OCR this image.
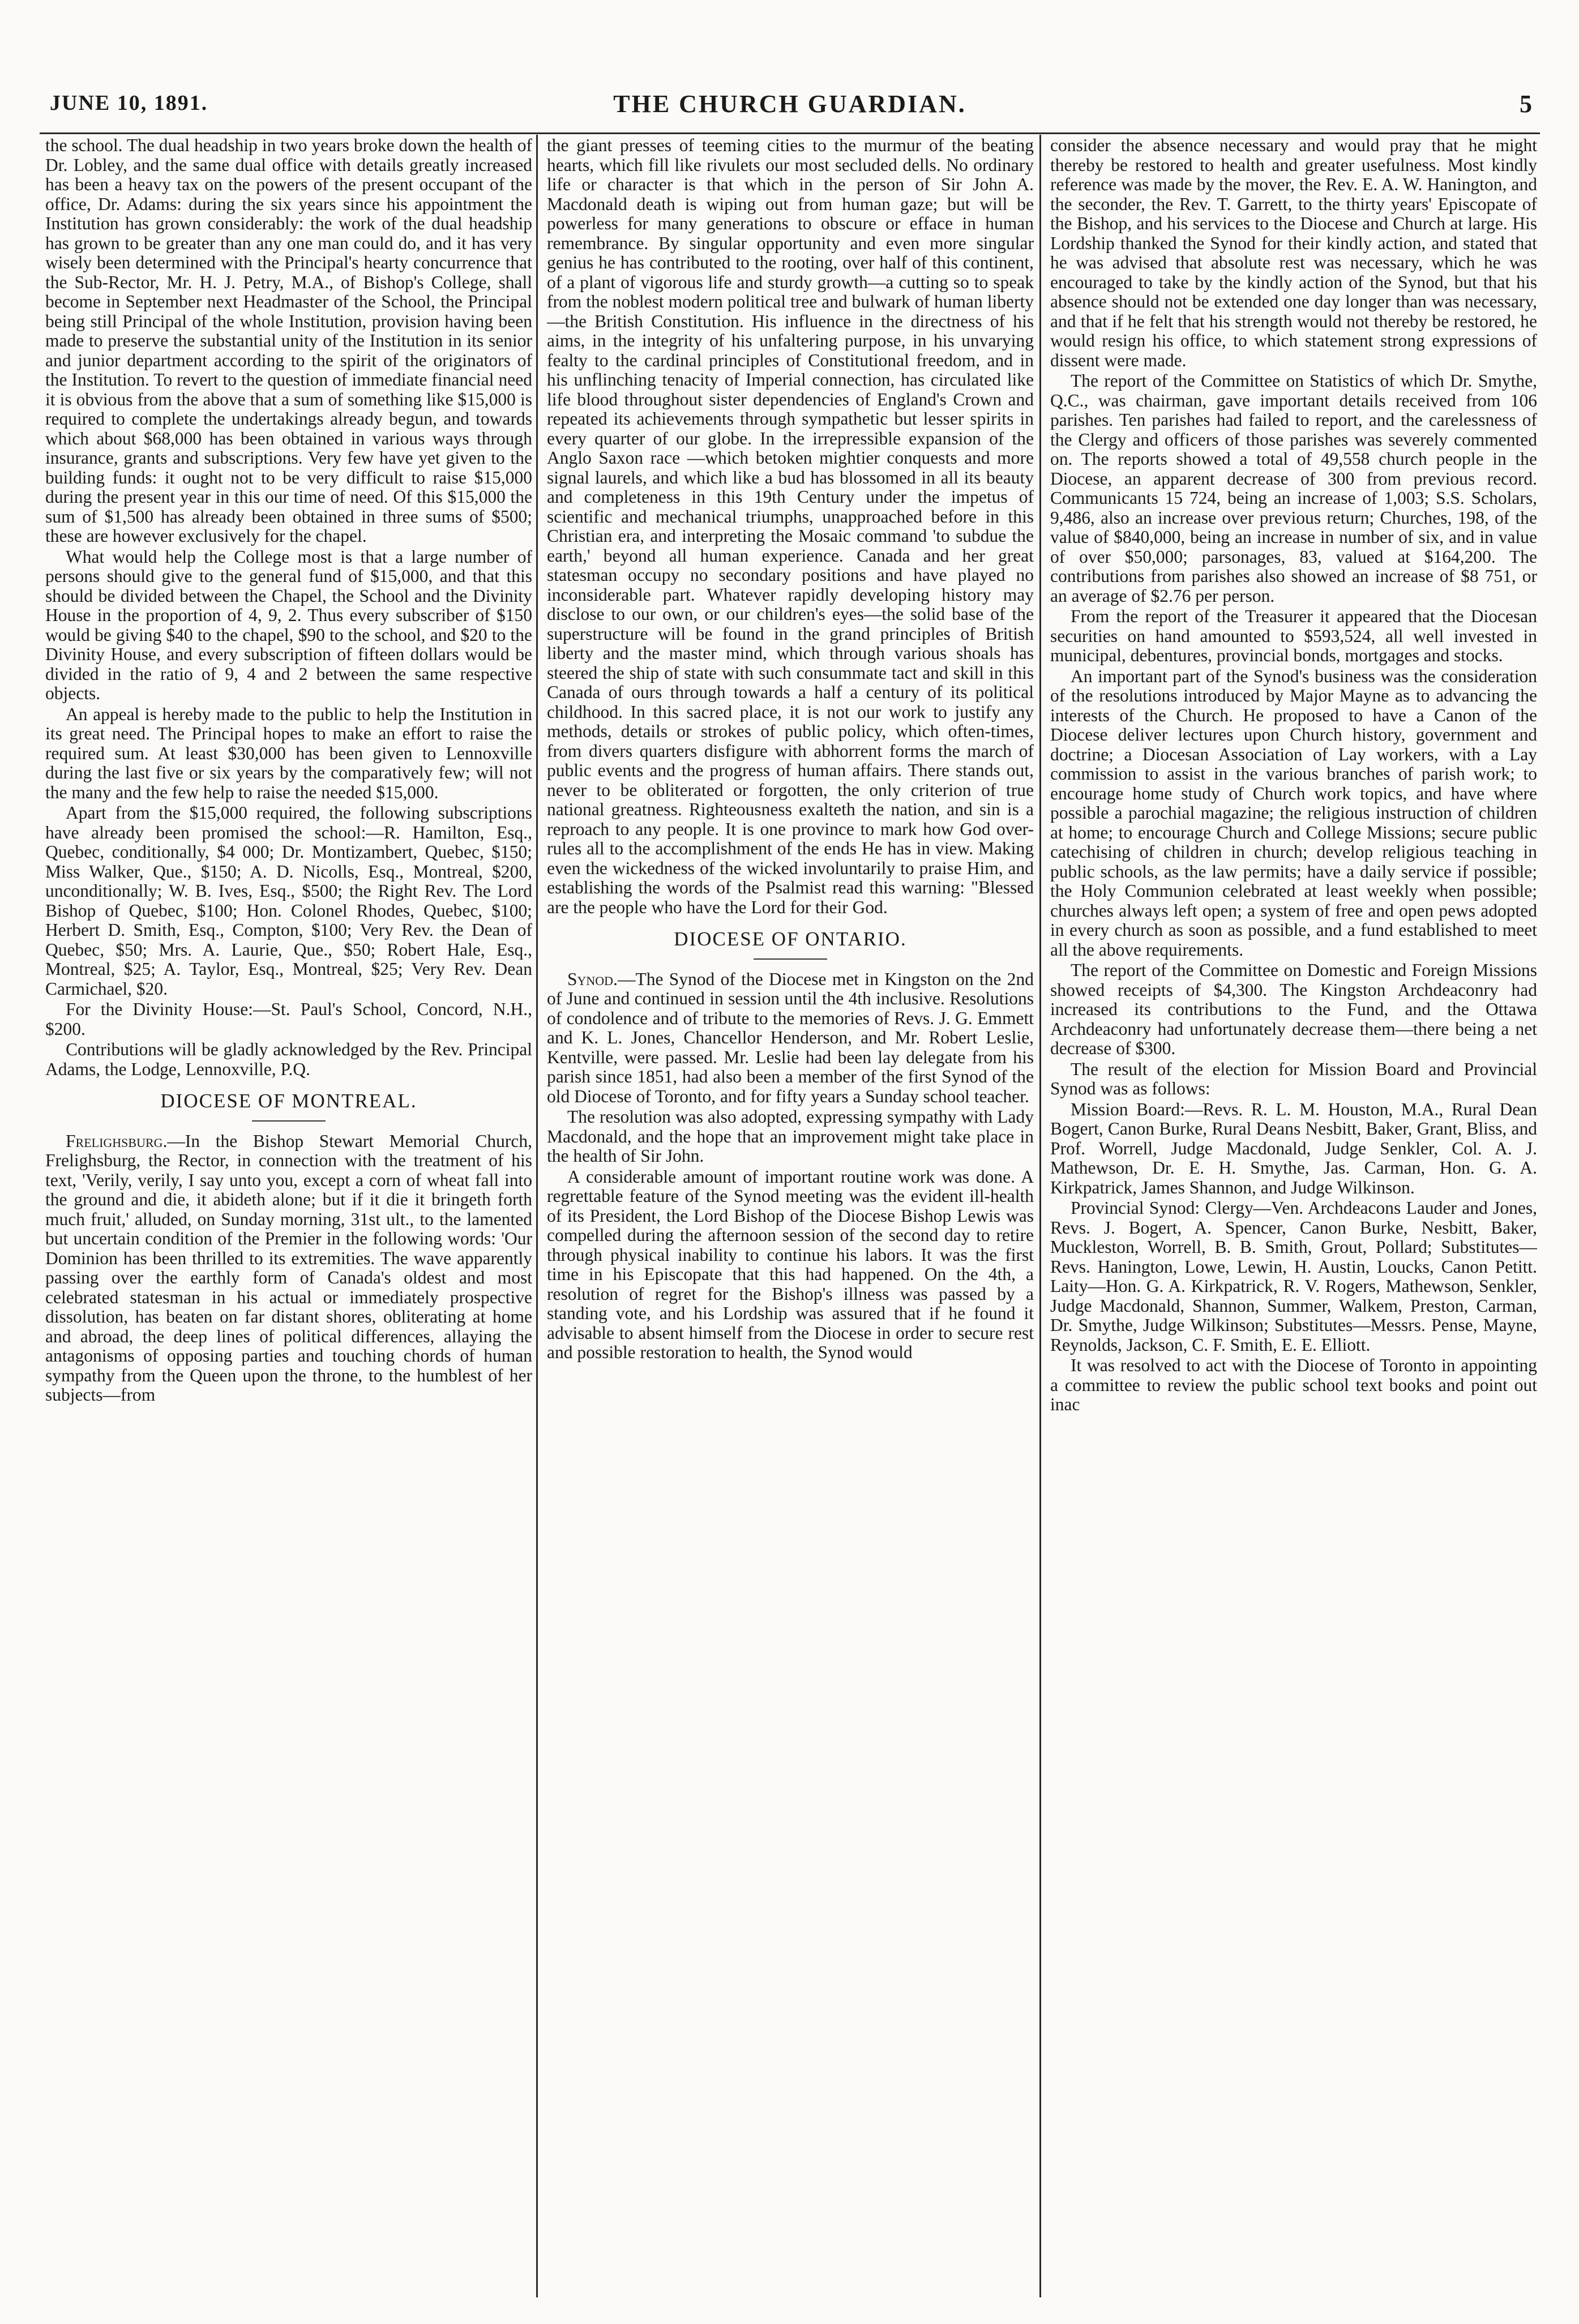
JUNE 10, 1891.	THE CHURCH GUARDIAN.	5

the school. The dual headship in two years broke down the health of Dr. Lobley, and the same dual office with details greatly increased has been a heavy tax on the powers of the present occupant of the office, Dr. Adams: during the six years since his appointment the Institution has grown considerably: the work of the dual headship has grown to be greater than any one man could do, and it has very wisely been determined with the Principal's hearty concurrence that the Sub-Rector, Mr. H. J. Petry, M.A., of Bishop's College, shall become in September next Headmaster of the School, the Principal being still Principal of the whole Institution, provision having been made to preserve the substantial unity of the Institution in its senior and junior department according to the spirit of the originators of the Institution. To revert to the question of immediate financial need it is obvious from the above that a sum of something like $15,000 is required to complete the undertakings already begun, and towards which about $68,000 has been obtained in various ways through insurance, grants and subscriptions. Very few have yet given to the building funds: it ought not to be very difficult to raise $15,000 during the present year in this our time of need. Of this $15,000 the sum of $1,500 has already been obtained in three sums of $500; these are however exclusively for the chapel.

What would help the College most is that a large number of persons should give to the general fund of $15,000, and that this should be divided between the Chapel, the School and the Divinity House in the proportion of 4, 9, 2. Thus every subscriber of $150 would be giving $40 to the chapel, $90 to the school, and $20 to the Divinity House, and every subscription of fifteen dollars would be divided in the ratio of 9, 4 and 2 between the same respective objects.

An appeal is hereby made to the public to help the Institution in its great need. The Principal hopes to make an effort to raise the required sum. At least $30,000 has been given to Lennoxville during the last five or six years by the comparatively few; will not the many and the few help to raise the needed $15,000.

Apart from the $15,000 required, the following subscriptions have already been promised the school:—R. Hamilton, Esq., Quebec, conditionally, $4 000; Dr. Montizambert, Quebec, $150; Miss Walker, Que., $150; A. D. Nicolls, Esq., Montreal, $200, unconditionally; W. B. Ives, Esq., $500; the Right Rev. The Lord Bishop of Quebec, $100; Hon. Colonel Rhodes, Quebec, $100; Herbert D. Smith, Esq., Compton, $100; Very Rev. the Dean of Quebec, $50; Mrs. A. Laurie, Que., $50; Robert Hale, Esq., Montreal, $25; A. Taylor, Esq., Montreal, $25; Very Rev. Dean Carmichael, $20.

For the Divinity House:—St. Paul's School, Concord, N.H., $200.

Contributions will be gladly acknowledged by the Rev. Principal Adams, the Lodge, Lennoxville, P.Q.

DIOCESE OF MONTREAL.

Frelighsburg.—In the Bishop Stewart Memorial Church, Frelighsburg, the Rector, in connection with the treatment of his text, 'Verily, verily, I say unto you, except a corn of wheat fall into the ground and die, it abideth alone; but if it die it bringeth forth much fruit,' alluded, on Sunday morning, 31st ult., to the lamented but uncertain condition of the Premier in the following words: 'Our Dominion has been thrilled to its extremities. The wave apparently passing over the earthly form of Canada's oldest and most celebrated statesman in his actual or immediately prospective dissolution, has beaten on far distant shores, obliterating at home and abroad, the deep lines of political differences, allaying the antagonisms of opposing parties and touching chords of human sympathy from the Queen upon the throne, to the humblest of her subjects—from

the giant presses of teeming cities to the murmur of the beating hearts, which fill like rivulets our most secluded dells. No ordinary life or character is that which in the person of Sir John A. Macdonald death is wiping out from human gaze; but will be powerless for many generations to obscure or efface in human remembrance. By singular opportunity and even more singular genius he has contributed to the rooting, over half of this continent, of a plant of vigorous life and sturdy growth—a cutting so to speak from the noblest modern political tree and bulwark of human liberty—the British Constitution. His influence in the directness of his aims, in the integrity of his unfaltering purpose, in his unvarying fealty to the cardinal principles of Constitutional freedom, and in his unflinching tenacity of Imperial connection, has circulated like life blood throughout sister dependencies of England's Crown and repeated its achievements through sympathetic but lesser spirits in every quarter of our globe. In the irrepressible expansion of the Anglo Saxon race —which betoken mightier conquests and more signal laurels, and which like a bud has blossomed in all its beauty and completeness in this 19th Century under the impetus of scientific and mechanical triumphs, unapproached before in this Christian era, and interpreting the Mosaic command 'to subdue the earth,' beyond all human experience. Canada and her great statesman occupy no secondary positions and have played no inconsiderable part. Whatever rapidly developing history may disclose to our own, or our children's eyes—the solid base of the superstructure will be found in the grand principles of British liberty and the master mind, which through various shoals has steered the ship of state with such consummate tact and skill in this Canada of ours through towards a half a century of its political childhood. In this sacred place, it is not our work to justify any methods, details or strokes of public policy, which often-times, from divers quarters disfigure with abhorrent forms the march of public events and the progress of human affairs. There stands out, never to be obliterated or forgotten, the only criterion of true national greatness. Righteousness exalteth the nation, and sin is a reproach to any people. It is one province to mark how God over-rules all to the accomplishment of the ends He has in view. Making even the wickedness of the wicked involuntarily to praise Him, and establishing the words of the Psalmist read this warning: "Blessed are the people who have the Lord for their God.

DIOCESE OF ONTARIO.

Synod.—The Synod of the Diocese met in Kingston on the 2nd of June and continued in session until the 4th inclusive. Resolutions of condolence and of tribute to the memories of Revs. J. G. Emmett and K. L. Jones, Chancellor Henderson, and Mr. Robert Leslie, Kentville, were passed. Mr. Leslie had been lay delegate from his parish since 1851, had also been a member of the first Synod of the old Diocese of Toronto, and for fifty years a Sunday school teacher.

The resolution was also adopted, expressing sympathy with Lady Macdonald, and the hope that an improvement might take place in the health of Sir John.

A considerable amount of important routine work was done. A regrettable feature of the Synod meeting was the evident ill-health of its President, the Lord Bishop of the Diocese Bishop Lewis was compelled during the afternoon session of the second day to retire through physical inability to continue his labors. It was the first time in his Episcopate that this had happened. On the 4th, a resolution of regret for the Bishop's illness was passed by a standing vote, and his Lordship was assured that if he found it advisable to absent himself from the Diocese in order to secure rest and possible restoration to health, the Synod would

consider the absence necessary and would pray that he might thereby be restored to health and greater usefulness. Most kindly reference was made by the mover, the Rev. E. A. W. Hanington, and the seconder, the Rev. T. Garrett, to the thirty years' Episcopate of the Bishop, and his services to the Diocese and Church at large. His Lordship thanked the Synod for their kindly action, and stated that he was advised that absolute rest was necessary, which he was encouraged to take by the kindly action of the Synod, but that his absence should not be extended one day longer than was necessary, and that if he felt that his strength would not thereby be restored, he would resign his office, to which statement strong expressions of dissent were made.

The report of the Committee on Statistics of which Dr. Smythe, Q.C., was chairman, gave important details received from 106 parishes. Ten parishes had failed to report, and the carelessness of the Clergy and officers of those parishes was severely commented on. The reports showed a total of 49,558 church people in the Diocese, an apparent decrease of 300 from previous record. Communicants 15 724, being an increase of 1,003; S.S. Scholars, 9,486, also an increase over previous return; Churches, 198, of the value of $840,000, being an increase in number of six, and in value of over $50,000; parsonages, 83, valued at $164,200. The contributions from parishes also showed an increase of $8 751, or an average of $2.76 per person.

From the report of the Treasurer it appeared that the Diocesan securities on hand amounted to $593,524, all well invested in municipal, debentures, provincial bonds, mortgages and stocks.

An important part of the Synod's business was the consideration of the resolutions introduced by Major Mayne as to advancing the interests of the Church. He proposed to have a Canon of the Diocese deliver lectures upon Church history, government and doctrine; a Diocesan Association of Lay workers, with a Lay commission to assist in the various branches of parish work; to encourage home study of Church work topics, and have where possible a parochial magazine; the religious instruction of children at home; to encourage Church and College Missions; secure public catechising of children in church; develop religious teaching in public schools, as the law permits; have a daily service if possible; the Holy Communion celebrated at least weekly when possible; churches always left open; a system of free and open pews adopted in every church as soon as possible, and a fund established to meet all the above requirements.

The report of the Committee on Domestic and Foreign Missions showed receipts of $4,300. The Kingston Archdeaconry had increased its contributions to the Fund, and the Ottawa Archdeaconry had unfortunately decrease them—there being a net decrease of $300.

The result of the election for Mission Board and Provincial Synod was as follows:

Mission Board:—Revs. R. L. M. Houston, M.A., Rural Dean Bogert, Canon Burke, Rural Deans Nesbitt, Baker, Grant, Bliss, and Prof. Worrell, Judge Macdonald, Judge Senkler, Col. A. J. Mathewson, Dr. E. H. Smythe, Jas. Carman, Hon. G. A. Kirkpatrick, James Shannon, and Judge Wilkinson.

Provincial Synod: Clergy—Ven. Archdeacons Lauder and Jones, Revs. J. Bogert, A. Spencer, Canon Burke, Nesbitt, Baker, Muckleston, Worrell, B. B. Smith, Grout, Pollard; Substitutes—Revs. Hanington, Lowe, Lewin, H. Austin, Loucks, Canon Petitt. Laity—Hon. G. A. Kirkpatrick, R. V. Rogers, Mathewson, Senkler, Judge Macdonald, Shannon, Summer, Walkem, Preston, Carman, Dr. Smythe, Judge Wilkinson; Substitutes—Messrs. Pense, Mayne, Reynolds, Jackson, C. F. Smith, E. E. Elliott.

It was resolved to act with the Diocese of Toronto in appointing a committee to review the public school text books and point out inac
